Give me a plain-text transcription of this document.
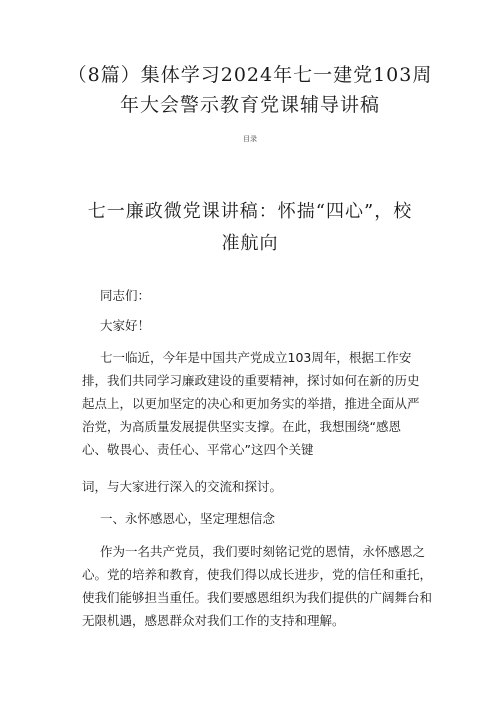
（8篇）集体学习2024年七一建党103周
年大会警示教育党课辅导讲稿
目录
七一廉政微党课讲稿：怀揣“四心”，校
准航向

同志们：

大家好！

七一临近，今年是中国共产党成立103周年，根据工作安

排，我们共同学习廉政建设的重要精神，探讨如何在新的历史

起点上，以更加坚定的决心和更加务实的举措，推进全面从严

治党，为高质量发展提供坚实支撑。在此，我想围绕“感恩

心、敬畏心、责任心、平常心”这四个关键

词，与大家进行深入的交流和探讨。

一、永怀感恩心，坚定理想信念

作为一名共产党员，我们要时刻铭记党的恩情，永怀感恩之

心。党的培养和教育，使我们得以成长进步，党的信任和重托，

使我们能够担当重任。我们要感恩组织为我们提供的广阔舞台和

无限机遇，感恩群众对我们工作的支持和理解。
